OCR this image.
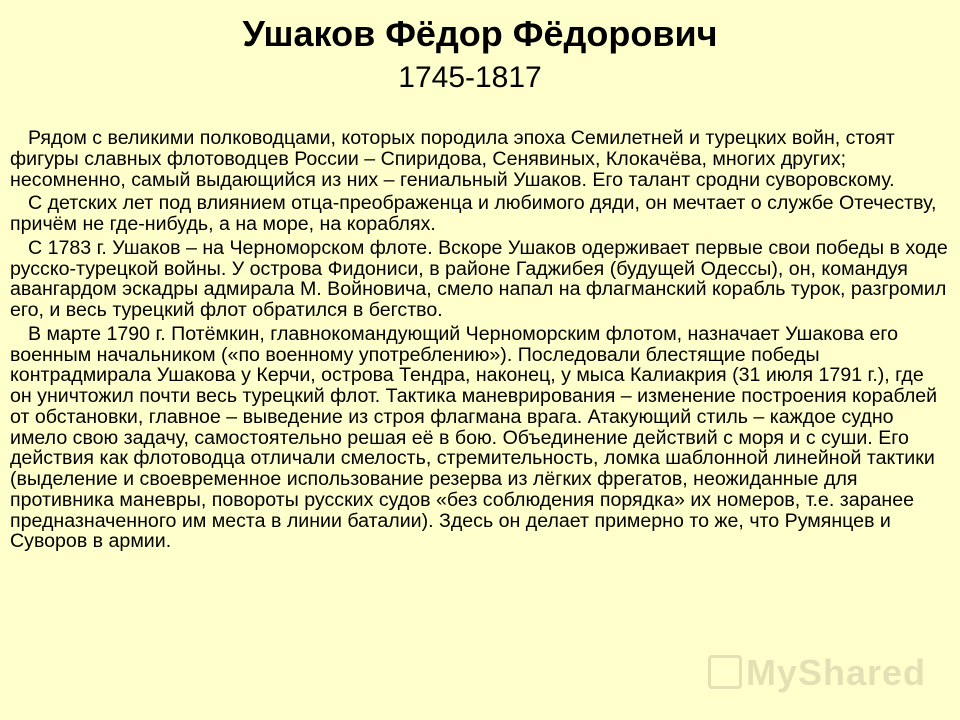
Ушаков Фёдор Фёдорович
1745-1817

Рядом с великими полководцами, которых породила эпоха Семилетней и турецких войн, стоят фигуры славных флотоводцев России – Спиридова, Сенявиных, Клокачёва, многих других; несомненно, самый выдающийся из них – гениальный Ушаков. Его талант сродни суворовскому.

С детских лет под влиянием отца-преображенца и любимого дяди, он мечтает о службе Отечеству, причём не где-нибудь, а на море, на кораблях.

С 1783 г. Ушаков – на Черноморском флоте. Вскоре Ушаков одерживает первые свои победы в ходе русско-турецкой войны. У острова Фидониси, в районе Гаджибея (будущей Одессы), он, командуя авангардом эскадры адмирала М. Войновича, смело напал на флагманский корабль турок, разгромил его, и весь турецкий флот обратился в бегство.

В марте 1790 г. Потёмкин, главнокомандующий Черноморским флотом, назначает Ушакова его военным начальником («по военному употреблению»). Последовали блестящие победы контрадмирала Ушакова у Керчи, острова Тендра, наконец, у мыса Калиакрия (31 июля 1791 г.), где он уничтожил почти весь турецкий флот. Тактика маневрирования – изменение построения кораблей от обстановки, главное – выведение из строя флагмана врага. Атакующий стиль – каждое судно имело свою задачу, самостоятельно решая её в бою. Объединение действий с моря и с суши. Его действия как флотоводца отличали смелость, стремительность, ломка шаблонной линейной тактики (выделение и своевременное использование резерва из лёгких фрегатов, неожиданные для противника маневры, повороты русских судов «без соблюдения порядка» их номеров, т.е. заранее предназначенного им места в линии баталии). Здесь он делает примерно то же, что Румянцев и Суворов в армии.

MyShared
